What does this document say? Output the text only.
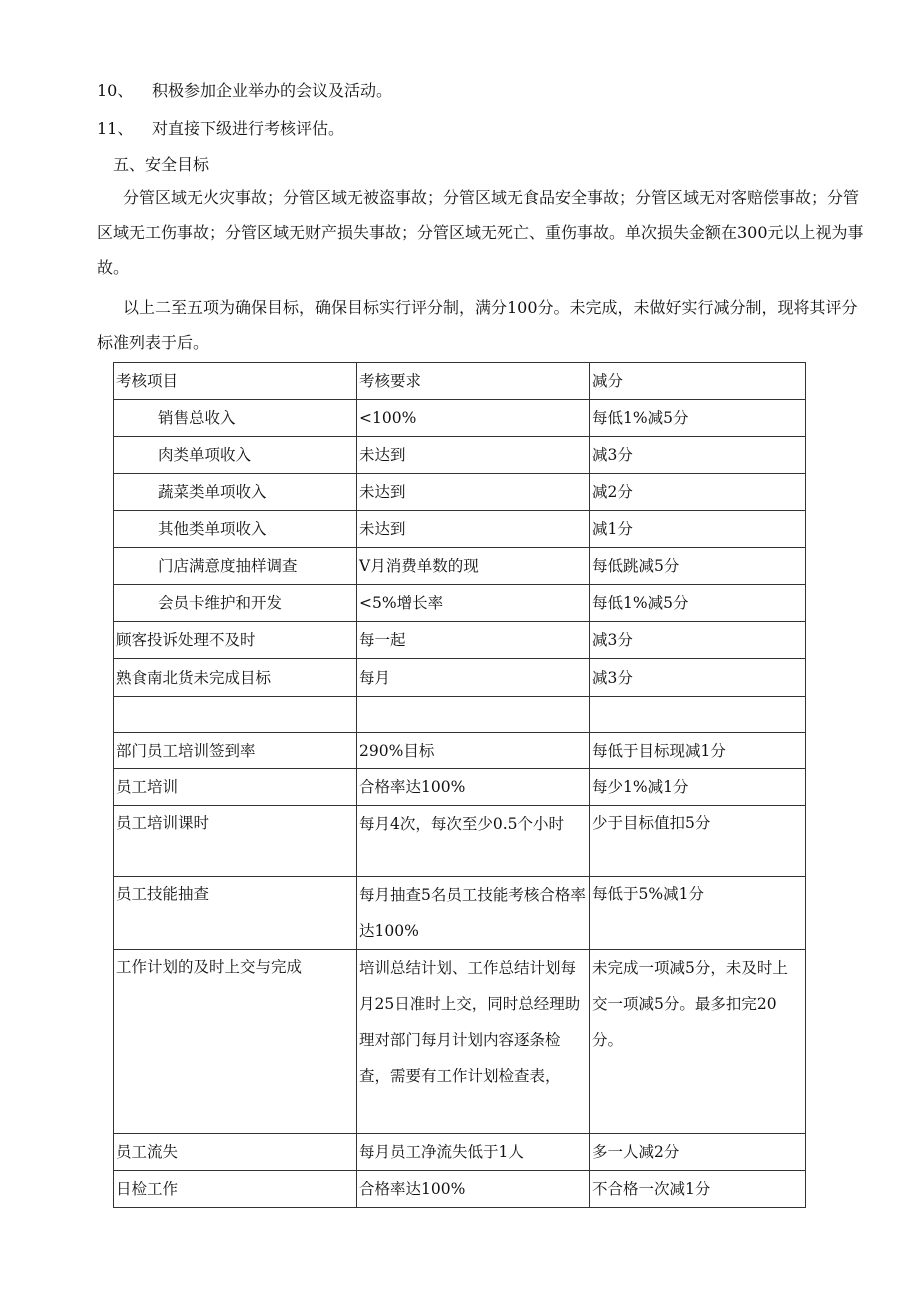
10、 积极参加企业举办的会议及活动。
11、 对直接下级进行考核评估。
五、安全目标
分管区域无火灾事故；分管区域无被盗事故；分管区域无食品安全事故；分管区域无对客赔偿事故；分管区域无工伤事故；分管区域无财产损失事故；分管区域无死亡、重伤事故。单次损失金额在300元以上视为事故。
以上二至五项为确保目标，确保目标实行评分制，满分100分。未完成，未做好实行减分制，现将其评分标准列表于后。
考核项目	考核要求	减分
销售总收入	<100%	每低1%减5分
肉类单项收入	未达到	减3分
蔬菜类单项收入	未达到	减2分
其他类单项收入	未达到	减1分
门店满意度抽样调查	V月消费单数的现	每低跳减5分
会员卡维护和开发	<5%增长率	每低1%减5分
顾客投诉处理不及时	每一起	减3分
熟食南北货未完成目标	每月	减3分

部门员工培训签到率	290%目标	每低于目标现减1分
员工培训	合格率达100%	每少1%减1分
员工培训课时	每月4次，每次至少0.5个小时	少于目标值扣5分
员工技能抽查	每月抽查5名员工技能考核合格率达100%	每低于5%减1分
工作计划的及时上交与完成	培训总结计划、工作总结计划每月25日准时上交，同时总经理助理对部门每月计划内容逐条检查，需要有工作计划检查表，	未完成一项减5分，未及时上交一项减5分。最多扣完20分。
员工流失	每月员工净流失低于1人	多一人减2分
日检工作	合格率达100%	不合格一次减1分
